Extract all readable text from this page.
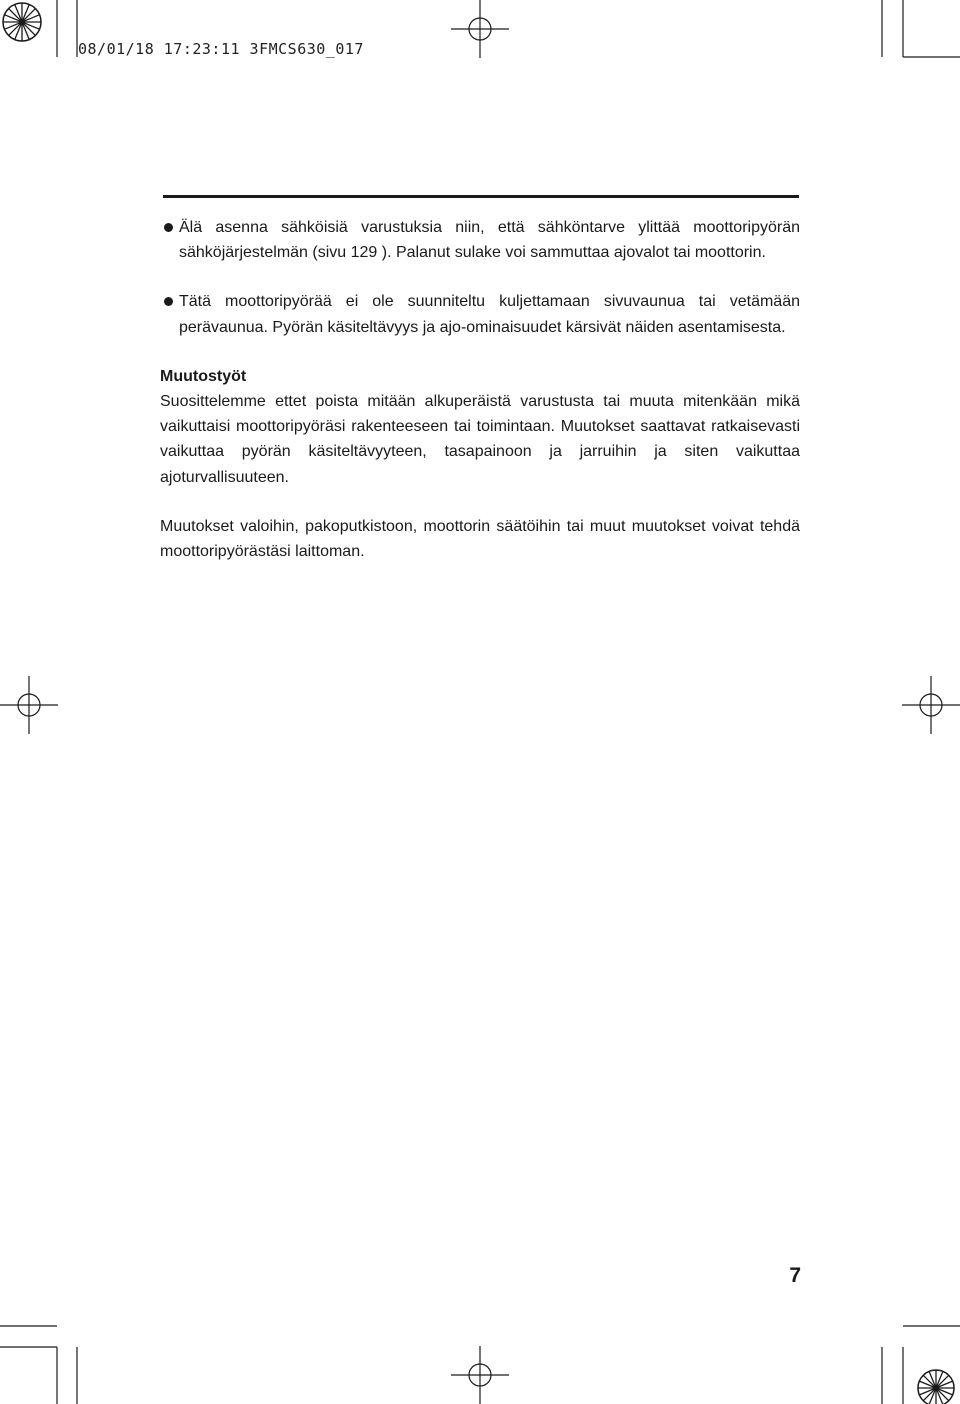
08/01/18 17:23:11 3FMCS630_017

Älä asenna sähköisiä varustuksia niin, että sähköntarve ylittää moottoripyörän sähköjärjestelmän (sivu 129 ). Palanut sulake voi sammuttaa ajovalot tai moottorin.

Tätä moottoripyörää ei ole suunniteltu kuljettamaan sivuvaunua tai vetämään perävaunua. Pyörän käsiteltävyys ja ajo-ominaisuudet kärsivät näiden asentamisesta.

Muutostyöt

Suosittelemme ettet poista mitään alkuperäistä varustusta tai muuta mitenkään mikä vaikuttaisi moottoripyöräsi rakenteeseen tai toimintaan. Muutokset saattavat ratkaisevasti vaikuttaa pyörän käsiteltävyyteen, tasapainoon ja jarruihin ja siten vaikuttaa ajoturvallisuuteen.

Muutokset valoihin, pakoputkistoon, moottorin säätöihin tai muut muutokset voivat tehdä moottoripyörästäsi laittoman.

7
